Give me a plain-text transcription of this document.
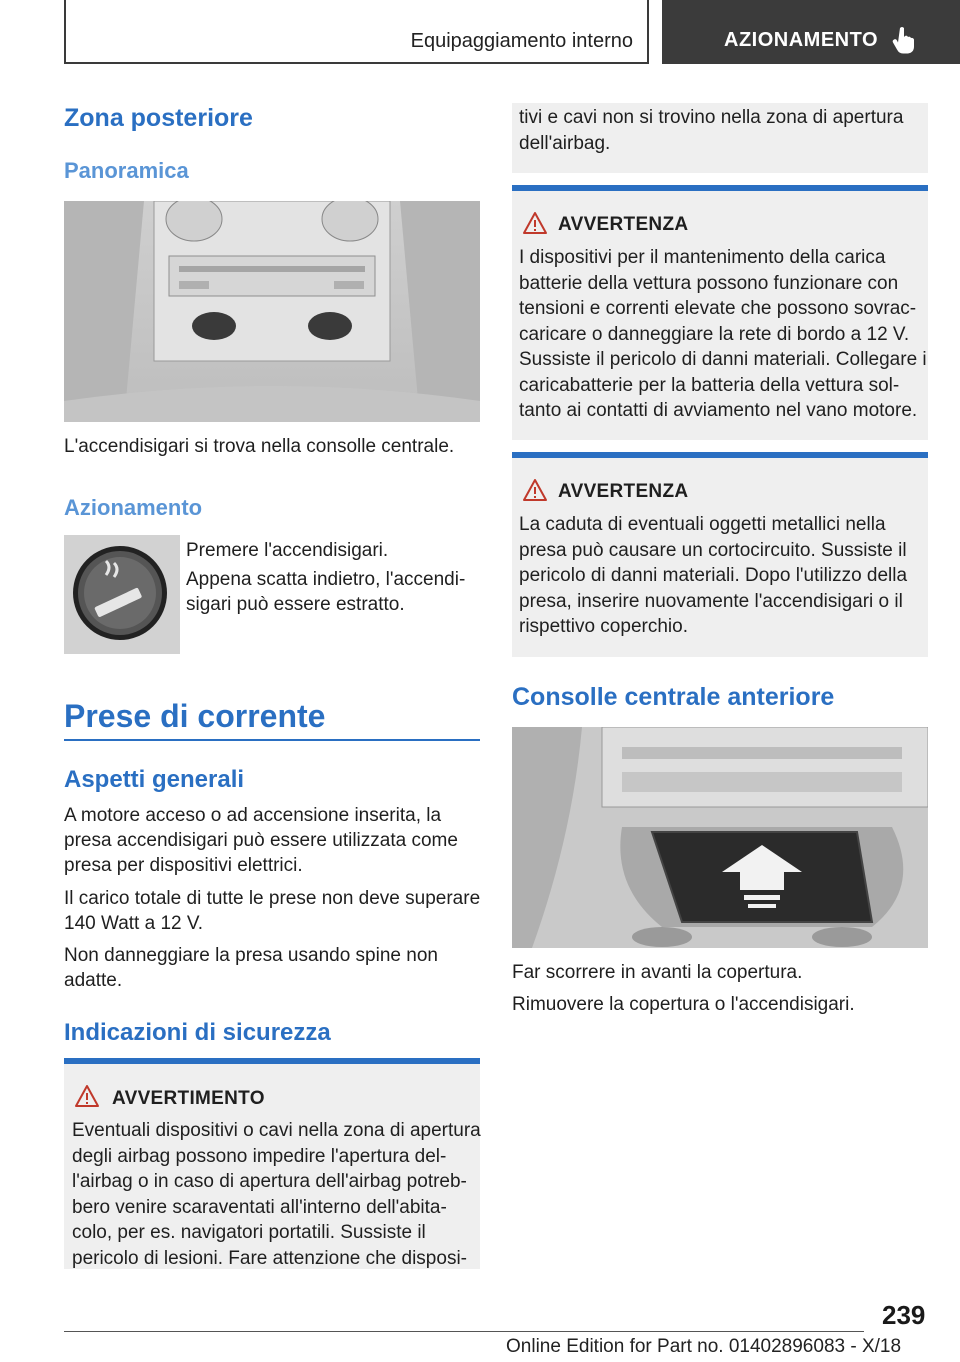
Equipaggiamento interno	AZIONAMENTO
Zona posteriore
Panoramica

L'accendisigari si trova nella consolle centrale.

Azionamento

Premere l'accendisigari.

Appena scatta indietro, l'accendi-sigari può essere estratto.

Prese di corrente
Aspetti generali

A motore acceso o ad accensione inserita, la presa accendisigari può essere utilizzata come presa per dispositivi elettrici.

Il carico totale di tutte le prese non deve superare 140 Watt a 12 V.

Non danneggiare la presa usando spine non adatte.

Indicazioni di sicurezza
AVVERTIMENTO

Eventuali dispositivi o cavi nella zona di apertura degli airbag possono impedire l'apertura del-l'airbag o in caso di apertura dell'airbag potreb-bero venire scaraventati all'interno dell'abita-colo, per es. navigatori portatili. Sussiste il pericolo di lesioni. Fare attenzione che disposi-

tivi e cavi non si trovino nella zona di apertura dell'airbag.

AVVERTENZA

I dispositivi per il mantenimento della carica batterie della vettura possono funzionare con tensioni e correnti elevate che possono sovrac-caricare o danneggiare la rete di bordo a 12 V. Sussiste il pericolo di danni materiali. Collegare i caricabatterie per la batteria della vettura sol-tanto ai contatti di avviamento nel vano motore.

AVVERTENZA

La caduta di eventuali oggetti metallici nella presa può causare un cortocircuito. Sussiste il pericolo di danni materiali. Dopo l'utilizzo della presa, inserire nuovamente l'accendisigari o il rispettivo coperchio.

Consolle centrale anteriore

Far scorrere in avanti la copertura.

Rimuovere la copertura o l'accendisigari.

239
Online Edition for Part no. 01402896083 - X/18
